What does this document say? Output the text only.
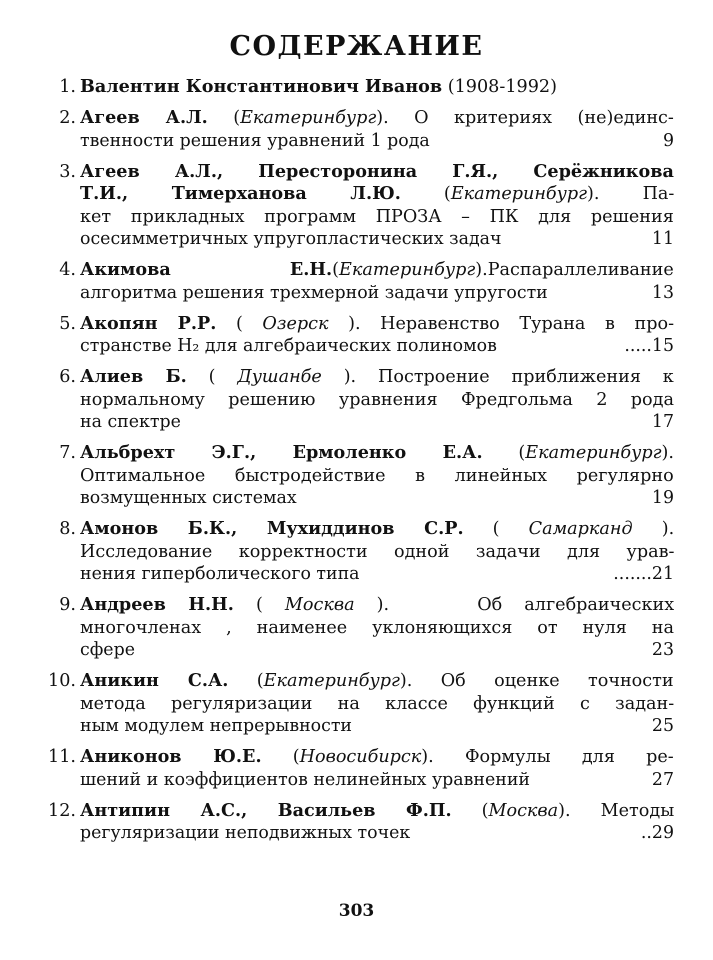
СОДЕРЖАНИЕ
1. Валентин Константинович Иванов (1908-1992)
2. Агеев А.Л. (Екатеринбург). О критериях (не)единс-
твенности решения уравнений 1 рода	9
3. Агеев А.Л., Пересторонина Г.Я., Серёжникова
Т.И., Тимерханова Л.Ю. (Екатеринбург). Па-
кет прикладных программ ПРОЗА – ПК для решения
осесимметричных упругопластических задач	11
4. Акимова Е.Н.(Екатеринбург).Распараллеливание
алгоритма решения трехмерной задачи упругости	13
5. Акопян Р.Р. ( Озерск ). Неравенство Турана в про-
странстве H₂ для алгебраических полиномов	.....15
6. Алиев Б. ( Душанбе ). Построение приближения к
нормальному решению уравнения Фредгольма 2 рода
на спектре	17
7. Альбрехт Э.Г., Ермоленко Е.А. (Екатеринбург).
Оптимальное быстродействие в линейных регулярно
возмущенных системах	19
8. Амонов Б.К., Мухиддинов С.Р. ( Самарканд ).
Исследование корректности одной задачи для урав-
нения гиперболического типа	.......21
9. Андреев Н.Н. ( Москва ).    Об алгебраических
многочленах , наименее уклоняющихся от нуля на
сфере	23
10. Аникин С.А. (Екатеринбург). Об оценке точности
метода регуляризации на классе функций с задан-
ным модулем непрерывности	25
11. Аниконов Ю.Е. (Новосибирск). Формулы для ре-
шений и коэффициентов нелинейных уравнений	27
12. Антипин А.С., Васильев Ф.П. (Москва). Методы
регуляризации неподвижных точек	..29
303
